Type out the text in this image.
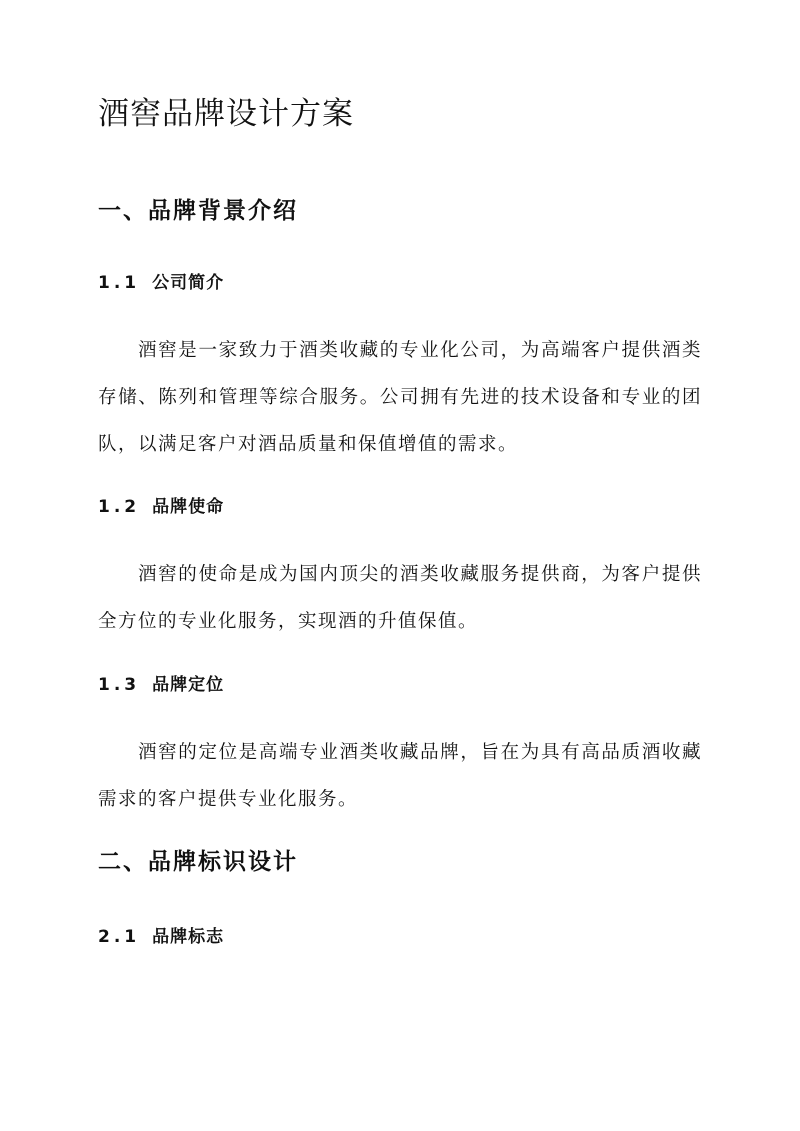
酒窖品牌设计方案
一、品牌背景介绍
1.1 公司简介

酒窖是一家致力于酒类收藏的专业化公司，为高端客户提供酒类存储、陈列和管理等综合服务。公司拥有先进的技术设备和专业的团队，以满足客户对酒品质量和保值增值的需求。

1.2 品牌使命

酒窖的使命是成为国内顶尖的酒类收藏服务提供商，为客户提供全方位的专业化服务，实现酒的升值保值。

1.3 品牌定位

酒窖的定位是高端专业酒类收藏品牌，旨在为具有高品质酒收藏需求的客户提供专业化服务。

二、品牌标识设计
2.1 品牌标志
